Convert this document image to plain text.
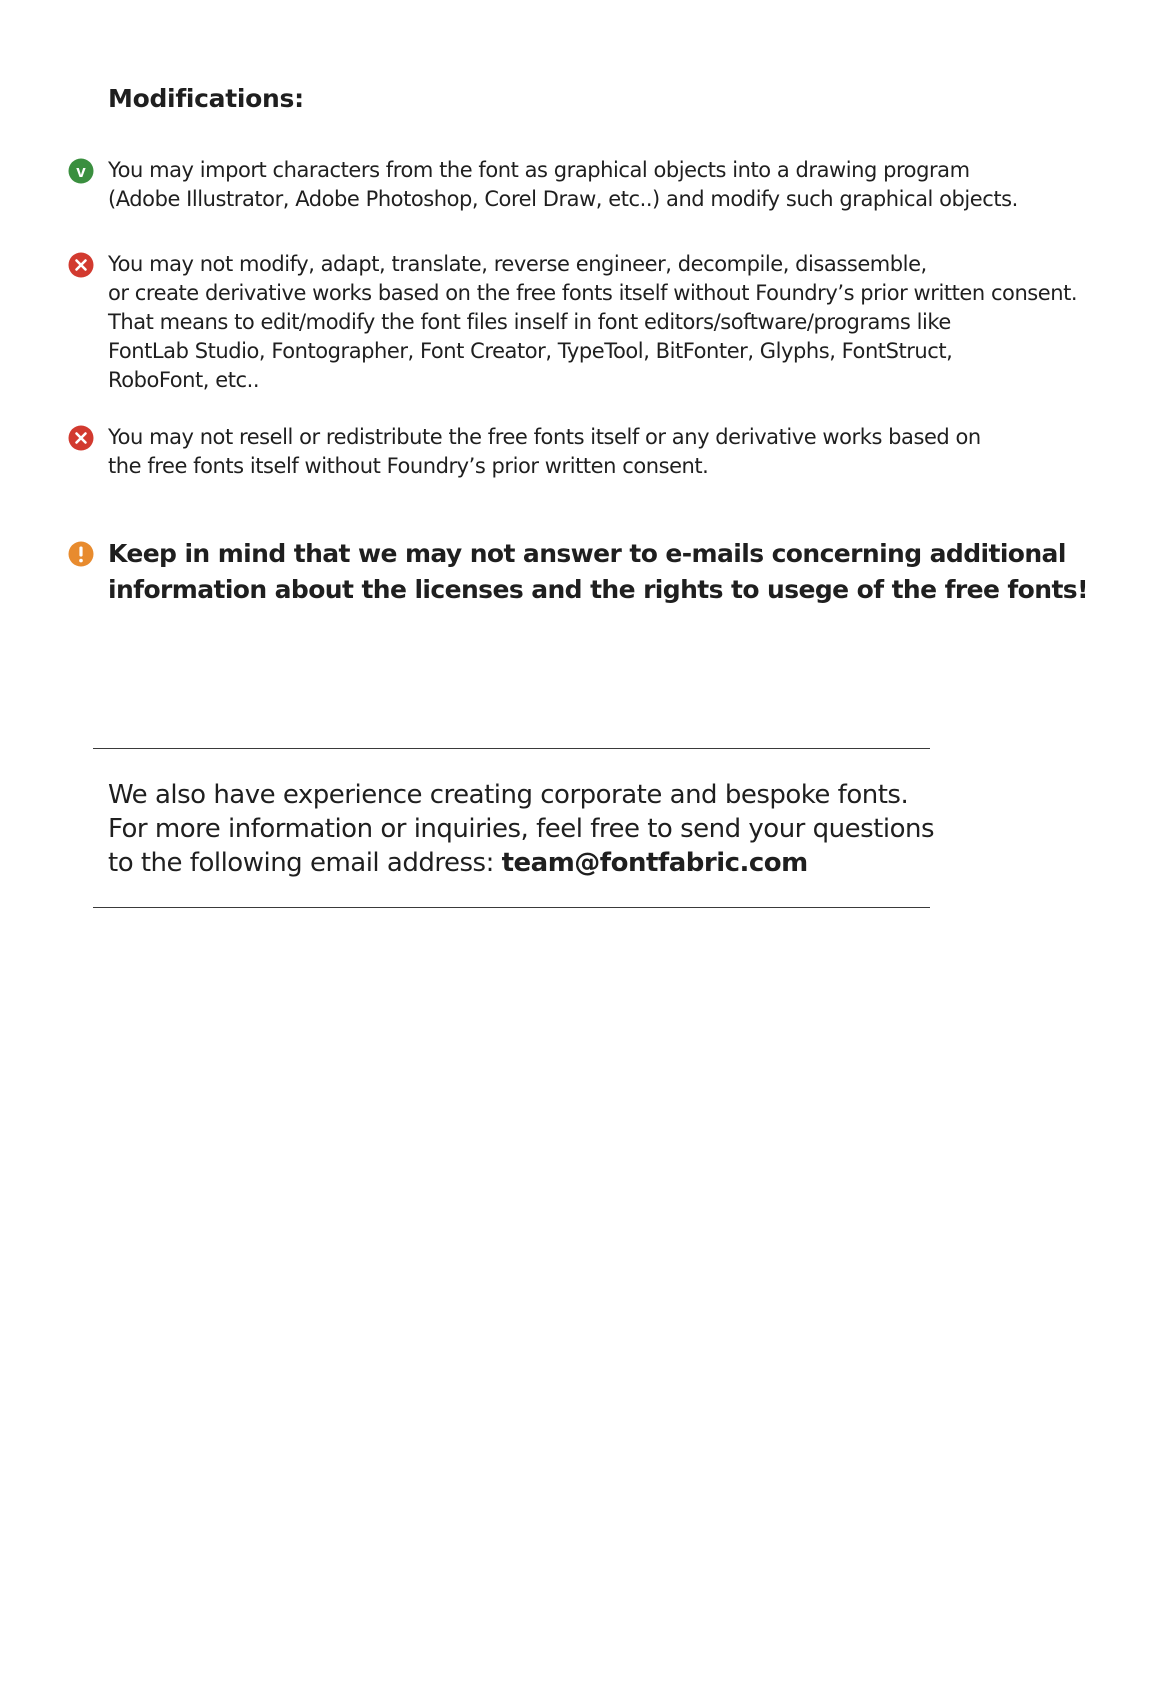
Modifications:
v You may import characters from the font as graphical objects into a drawing program
(Adobe Illustrator, Adobe Photoshop, Corel Draw, etc..) and modify such graphical objects.

You may not modify, adapt, translate, reverse engineer, decompile, disassemble,
or create derivative works based on the free fonts itself without Foundry’s prior written consent.
That means to edit/modify the font files inself in font editors/software/programs like
FontLab Studio, Fontographer, Font Creator, TypeTool, BitFonter, Glyphs, FontStruct,
RoboFont, etc..

You may not resell or redistribute the free fonts itself or any derivative works based on
the free fonts itself without Foundry’s prior written consent.

Keep in mind that we may not answer to e-mails concerning additional
information about the licenses and the rights to usege of the free fonts!

We also have experience creating corporate and bespoke fonts.
For more information or inquiries, feel free to send your questions
to the following email address: team@fontfabric.com
